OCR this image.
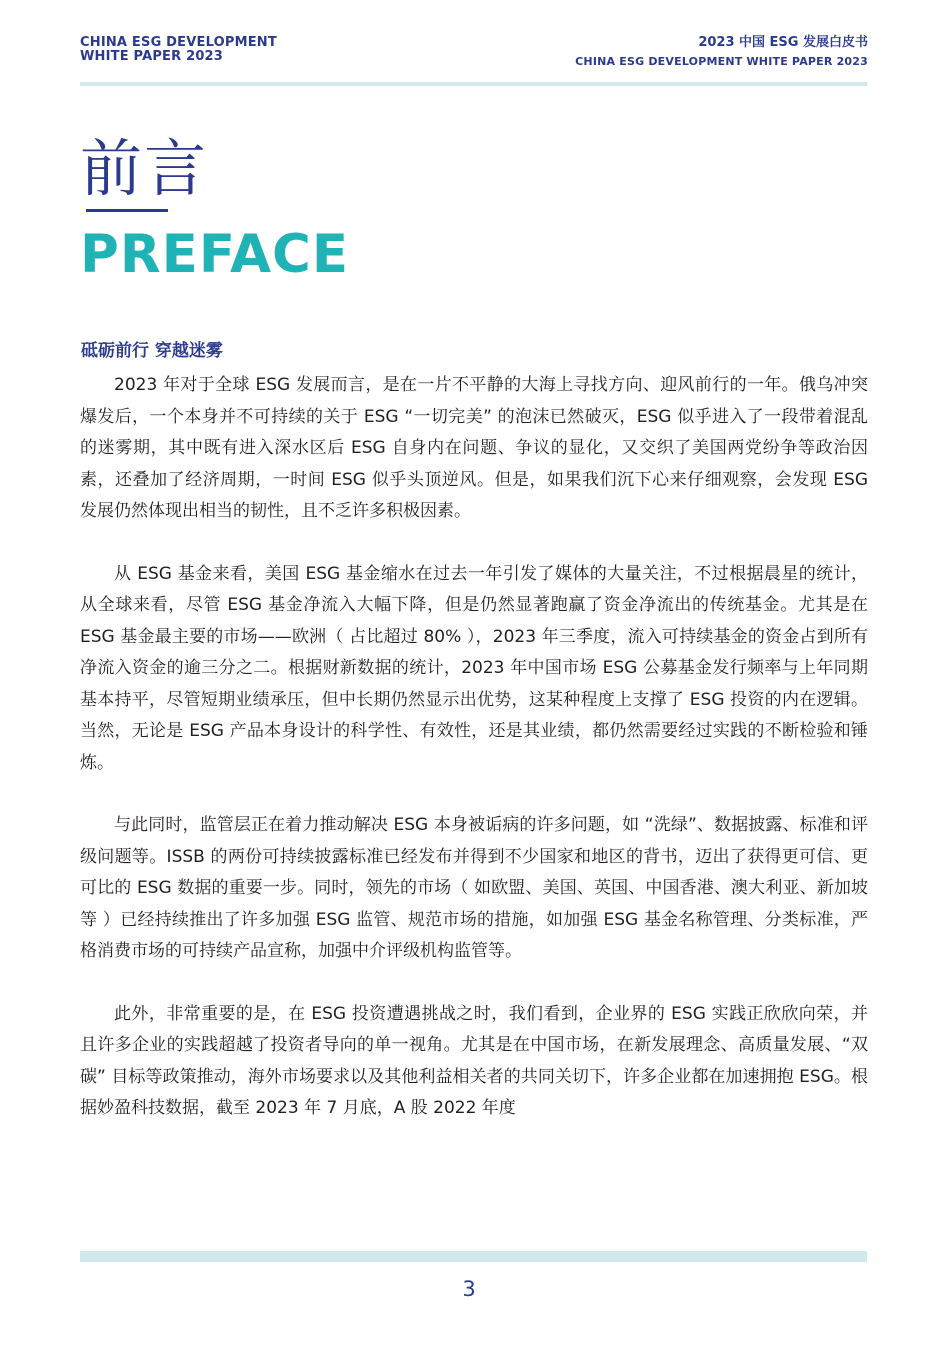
CHINA ESG DEVELOPMENT
WHITE PAPER 2023
2023 中国 ESG 发展白皮书
CHINA ESG DEVELOPMENT WHITE PAPER 2023
前言
PREFACE
砥砺前行 穿越迷雾

2023 年对于全球 ESG 发展而言，是在一片不平静的大海上寻找方向、迎风前行的一年。俄乌冲突爆发后，一个本身并不可持续的关于 ESG “一切完美” 的泡沫已然破灭，ESG 似乎进入了一段带着混乱的迷雾期，其中既有进入深水区后 ESG 自身内在问题、争议的显化，又交织了美国两党纷争等政治因素，还叠加了经济周期，一时间 ESG 似乎头顶逆风。但是，如果我们沉下心来仔细观察，会发现 ESG 发展仍然体现出相当的韧性，且不乏许多积极因素。

从 ESG 基金来看，美国 ESG 基金缩水在过去一年引发了媒体的大量关注，不过根据晨星的统计，从全球来看，尽管 ESG 基金净流入大幅下降，但是仍然显著跑赢了资金净流出的传统基金。尤其是在 ESG 基金最主要的市场——欧洲（ 占比超过 80% ），2023 年三季度，流入可持续基金的资金占到所有净流入资金的逾三分之二。根据财新数据的统计，2023 年中国市场 ESG 公募基金发行频率与上年同期基本持平，尽管短期业绩承压，但中长期仍然显示出优势，这某种程度上支撑了 ESG 投资的内在逻辑。当然，无论是 ESG 产品本身设计的科学性、有效性，还是其业绩，都仍然需要经过实践的不断检验和锤炼。

与此同时，监管层正在着力推动解决 ESG 本身被诟病的许多问题，如 “洗绿”、数据披露、标准和评级问题等。ISSB 的两份可持续披露标准已经发布并得到不少国家和地区的背书，迈出了获得更可信、更可比的 ESG 数据的重要一步。同时，领先的市场（ 如欧盟、美国、英国、中国香港、澳大利亚、新加坡等 ）已经持续推出了许多加强 ESG 监管、规范市场的措施，如加强 ESG 基金名称管理、分类标准，严格消费市场的可持续产品宣称，加强中介评级机构监管等。

此外，非常重要的是，在 ESG 投资遭遇挑战之时，我们看到，企业界的 ESG 实践正欣欣向荣，并且许多企业的实践超越了投资者导向的单一视角。尤其是在中国市场，在新发展理念、高质量发展、“双碳” 目标等政策推动，海外市场要求以及其他利益相关者的共同关切下，许多企业都在加速拥抱 ESG。根据妙盈科技数据，截至 2023 年 7 月底，A 股 2022 年度

3
